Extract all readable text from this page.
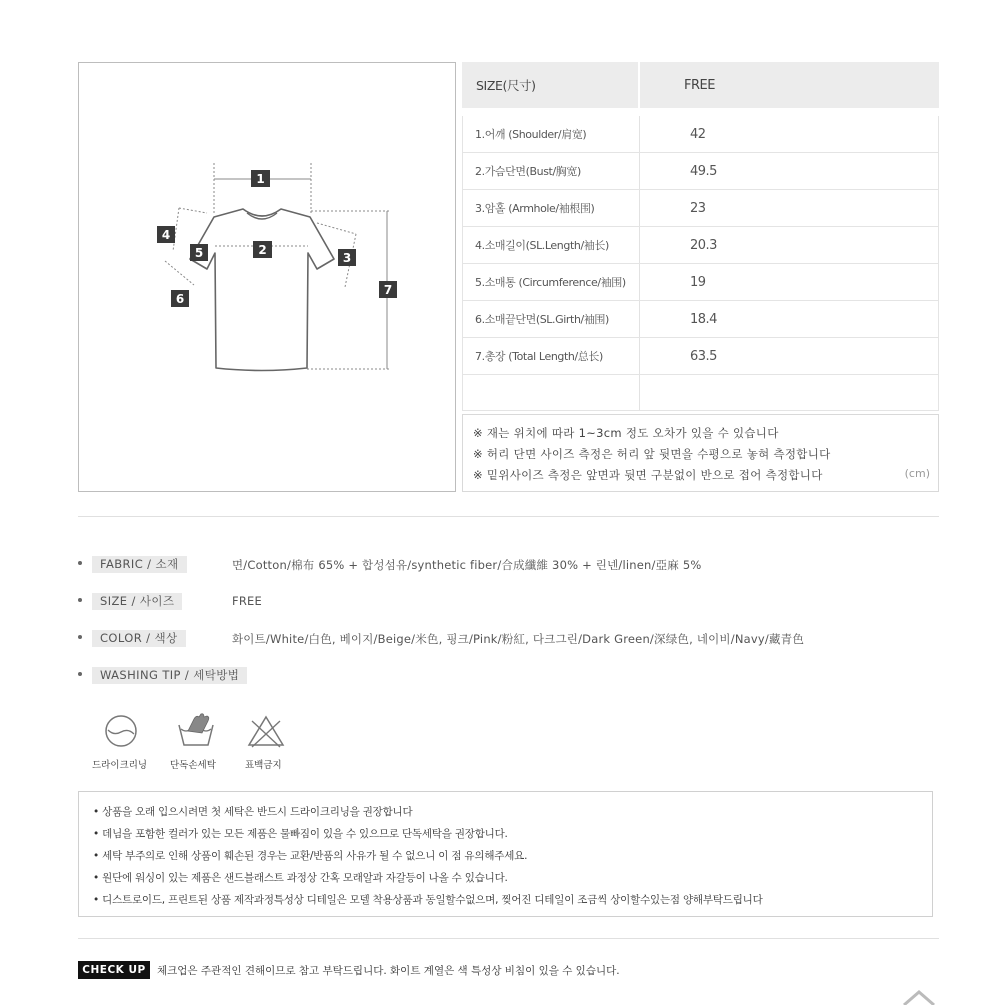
1
2
3
4
5
6
7
SIZE(尺寸)	FREE
1.어깨 (Shoulder/肩宽)	42
2.가슴단면(Bust/胸宽)	49.5
3.암홀 (Armhole/袖根围)	23
4.소매길이(SL.Length/袖长)	20.3
5.소매통 (Circumference/袖围)	19
6.소매끝단면(SL.Girth/袖围)	18.4
7.총장 (Total Length/总长)	63.5
※ 재는 위치에 따라 1~3cm 정도 오차가 있을 수 있습니다
※ 허리 단면 사이즈 측정은 허리 앞 뒷면을 수평으로 놓혀 측정합니다
※ 밑위사이즈 측정은 앞면과 뒷면 구분없이 반으로 접어 측정합니다	(cm)
FABRIC / 소재	면/Cotton/棉布 65% + 합성섬유/synthetic fiber/合成纖維 30% + 린넨/linen/亞麻 5%
SIZE / 사이즈	FREE
COLOR / 색상	화이트/White/白色, 베이지/Beige/米色, 핑크/Pink/粉紅, 다크그린/Dark Green/深绿色, 네이비/Navy/藏青色
WASHING TIP / 세탁방법
드라이크리닝 단독손세탁	표백금지
• 상품을 오래 입으시려면 첫 세탁은 반드시 드라이크리닝을 권장합니다
• 데님을 포함한 컬러가 있는 모든 제품은 물빠짐이 있을 수 있으므로 단독세탁을 권장합니다.
• 세탁 부주의로 인해 상품이 훼손된 경우는 교환/반품의 사유가 될 수 없으니 이 점 유의해주세요.
• 원단에 워싱이 있는 제품은 샌드블래스트 과정상 간혹 모래알과 자갈등이 나올 수 있습니다.
• 디스트로이드, 프린트된 상품 제작과정특성상 디테일은 모델 착용상품과 동일할수없으며, 찢어진 디테일이 조금씩 상이할수있는점 양해부탁드립니다
CHECK UP	체크업은 주관적인 견해이므로 참고 부탁드립니다. 화이트 계열은 색 특성상 비침이 있을 수 있습니다.
